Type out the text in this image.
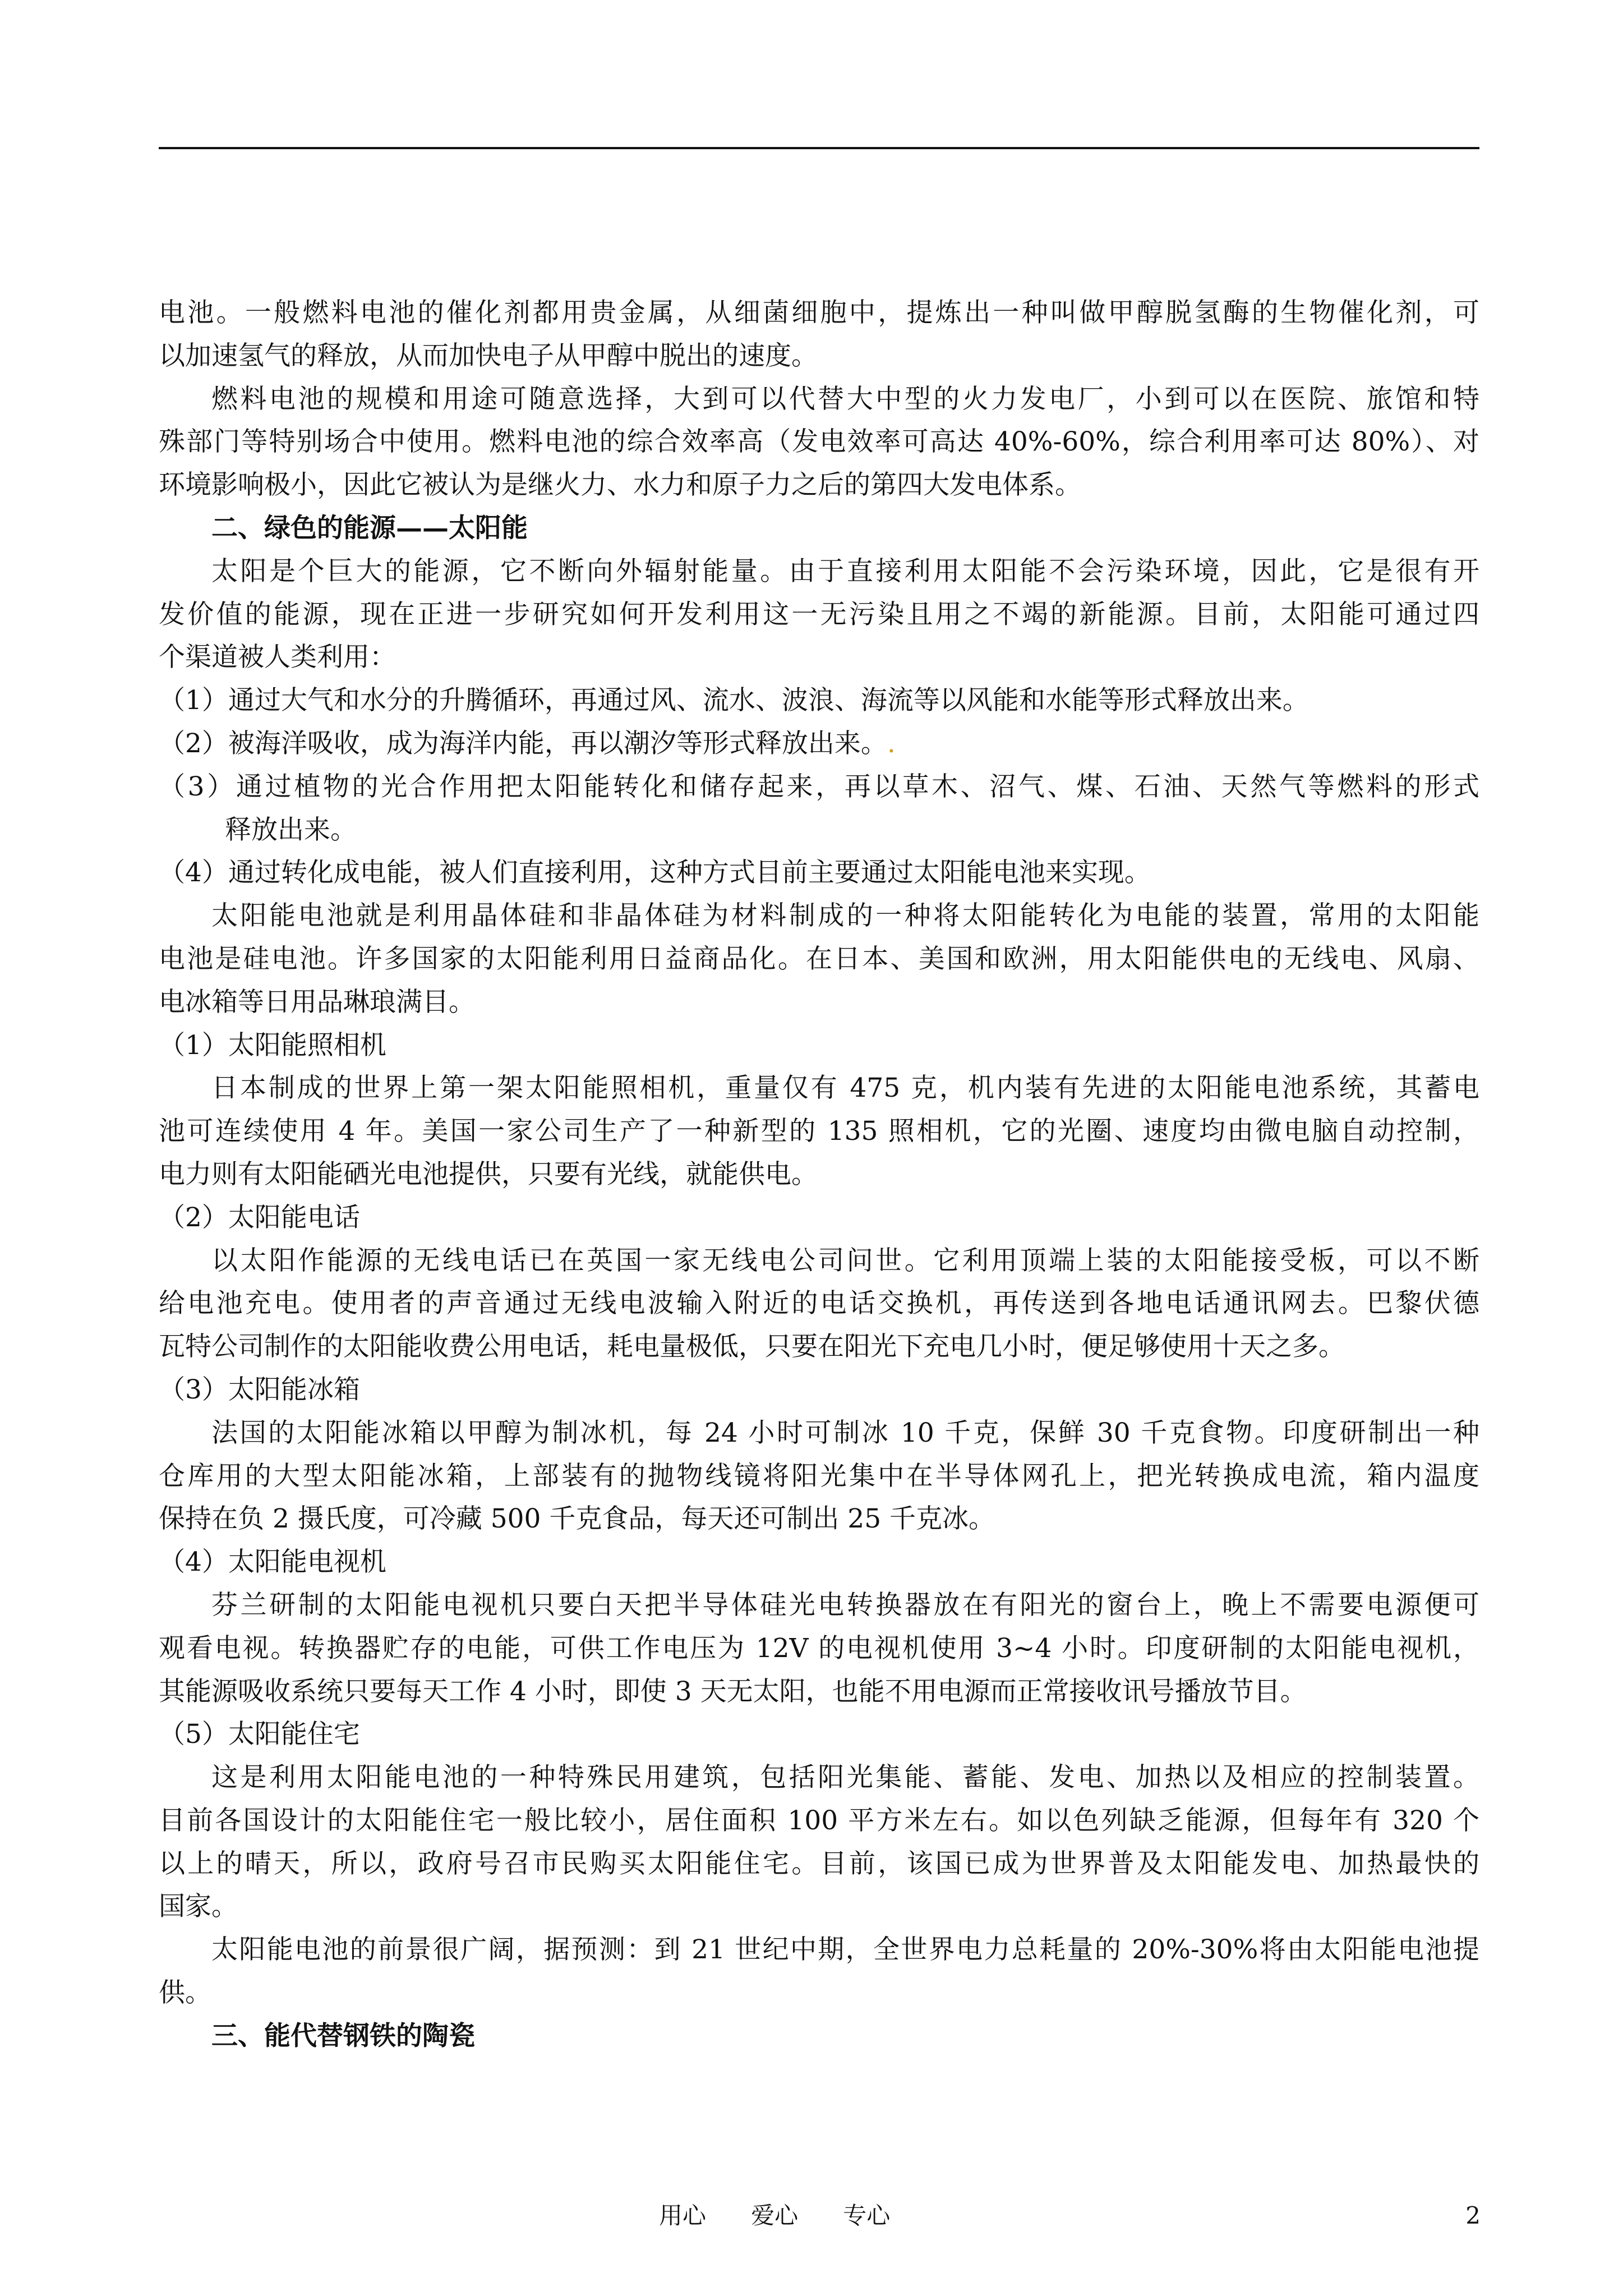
电池。一般燃料电池的催化剂都用贵金属，从细菌细胞中，提炼出一种叫做甲醇脱氢酶的生物催化剂，可
以加速氢气的释放，从而加快电子从甲醇中脱出的速度。
燃料电池的规模和用途可随意选择，大到可以代替大中型的火力发电厂，小到可以在医院、旅馆和特
殊部门等特别场合中使用。燃料电池的综合效率高（发电效率可高达 40%-60%，综合利用率可达 80%）、对
环境影响极小，因此它被认为是继火力、水力和原子力之后的第四大发电体系。
二、绿色的能源——太阳能
太阳是个巨大的能源，它不断向外辐射能量。由于直接利用太阳能不会污染环境，因此，它是很有开
发价值的能源，现在正进一步研究如何开发利用这一无污染且用之不竭的新能源。目前，太阳能可通过四
个渠道被人类利用：
（1）通过大气和水分的升腾循环，再通过风、流水、波浪、海流等以风能和水能等形式释放出来。
（2）被海洋吸收，成为海洋内能，再以潮汐等形式释放出来。.
（3）通过植物的光合作用把太阳能转化和储存起来，再以草木、沼气、煤、石油、天然气等燃料的形式
释放出来。
（4）通过转化成电能，被人们直接利用，这种方式目前主要通过太阳能电池来实现。
太阳能电池就是利用晶体硅和非晶体硅为材料制成的一种将太阳能转化为电能的装置，常用的太阳能
电池是硅电池。许多国家的太阳能利用日益商品化。在日本、美国和欧洲，用太阳能供电的无线电、风扇、
电冰箱等日用品琳琅满目。
（1）太阳能照相机
日本制成的世界上第一架太阳能照相机，重量仅有 475 克，机内装有先进的太阳能电池系统，其蓄电
池可连续使用 4 年。美国一家公司生产了一种新型的 135 照相机，它的光圈、速度均由微电脑自动控制，
电力则有太阳能硒光电池提供，只要有光线，就能供电。
（2）太阳能电话
以太阳作能源的无线电话已在英国一家无线电公司问世。它利用顶端上装的太阳能接受板，可以不断
给电池充电。使用者的声音通过无线电波输入附近的电话交换机，再传送到各地电话通讯网去。巴黎伏德
瓦特公司制作的太阳能收费公用电话，耗电量极低，只要在阳光下充电几小时，便足够使用十天之多。
（3）太阳能冰箱
法国的太阳能冰箱以甲醇为制冰机，每 24 小时可制冰 10 千克，保鲜 30 千克食物。印度研制出一种
仓库用的大型太阳能冰箱，上部装有的抛物线镜将阳光集中在半导体网孔上，把光转换成电流，箱内温度
保持在负 2 摄氏度，可冷藏 500 千克食品，每天还可制出 25 千克冰。
（4）太阳能电视机
芬兰研制的太阳能电视机只要白天把半导体硅光电转换器放在有阳光的窗台上，晚上不需要电源便可
观看电视。转换器贮存的电能，可供工作电压为 12V 的电视机使用 3~4 小时。印度研制的太阳能电视机，
其能源吸收系统只要每天工作 4 小时，即使 3 天无太阳，也能不用电源而正常接收讯号播放节目。
（5）太阳能住宅
这是利用太阳能电池的一种特殊民用建筑，包括阳光集能、蓄能、发电、加热以及相应的控制装置。
目前各国设计的太阳能住宅一般比较小，居住面积 100 平方米左右。如以色列缺乏能源，但每年有 320 个
以上的晴天，所以，政府号召市民购买太阳能住宅。目前，该国已成为世界普及太阳能发电、加热最快的
国家。
太阳能电池的前景很广阔，据预测：到 21 世纪中期，全世界电力总耗量的 20%-30%将由太阳能电池提
供。
三、能代替钢铁的陶瓷
用心      爱心      专心	2
